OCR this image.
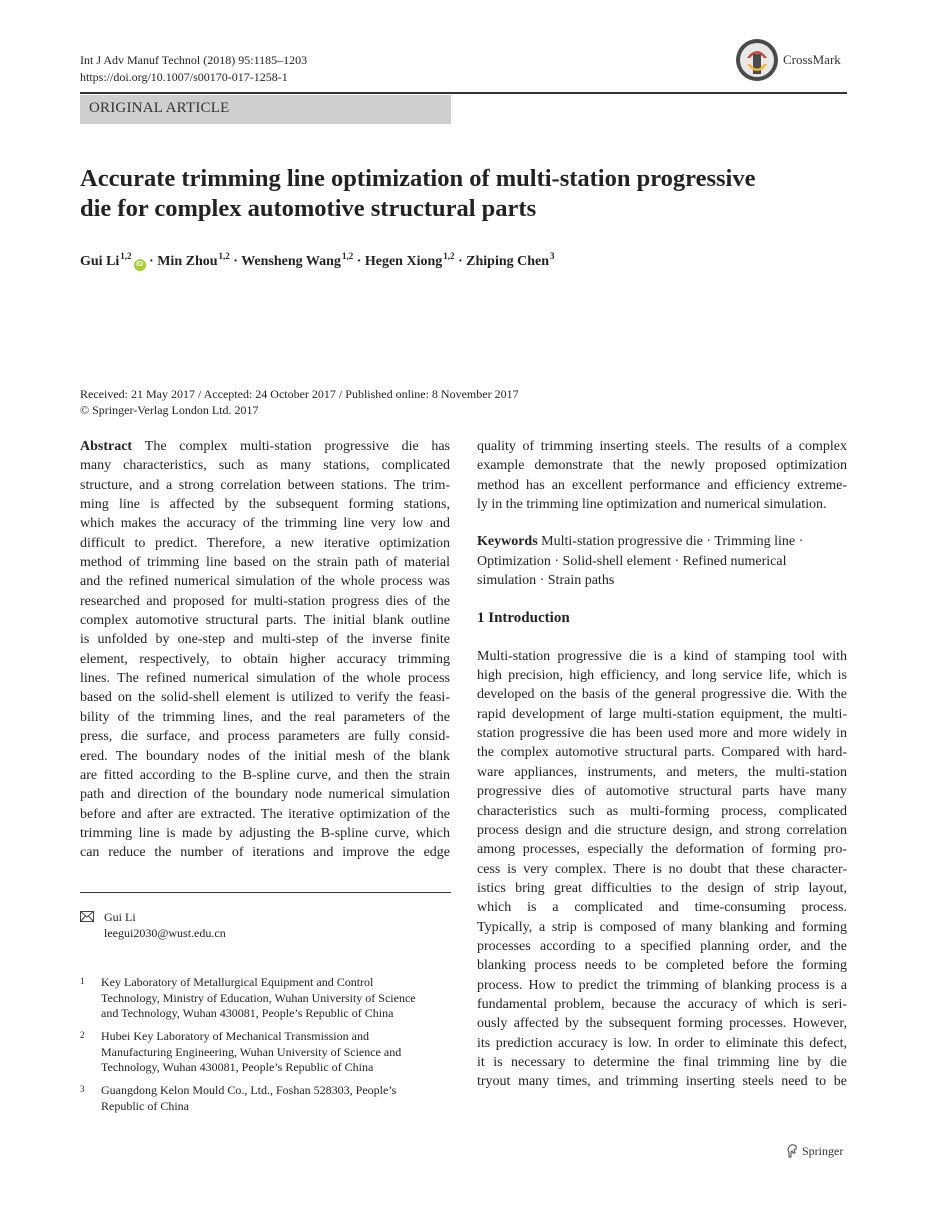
Int J Adv Manuf Technol (2018) 95:1185–1203
https://doi.org/10.1007/s00170-017-1258-1
CrossMark
ORIGINAL ARTICLE
Accurate trimming line optimization of multi-station progressive
die for complex automotive structural parts
Gui Li$^{1,2}$iD · Min Zhou$^{1,2}$ · Wensheng Wang$^{1,2}$ · Hegen Xiong$^{1,2}$ · Zhiping Chen$^3$
Received: 21 May 2017 / Accepted: 24 October 2017 / Published online: 8 November 2017
© Springer-Verlag London Ltd. 2017
Abstract The complex multi-station progressive die has
many characteristics, such as many stations, complicated
structure, and a strong correlation between stations. The trim-
ming line is affected by the subsequent forming stations,
which makes the accuracy of the trimming line very low and
difficult to predict. Therefore, a new iterative optimization
method of trimming line based on the strain path of material
and the refined numerical simulation of the whole process was
researched and proposed for multi-station progress dies of the
complex automotive structural parts. The initial blank outline
is unfolded by one-step and multi-step of the inverse finite
element, respectively, to obtain higher accuracy trimming
lines. The refined numerical simulation of the whole process
based on the solid-shell element is utilized to verify the feasi-
bility of the trimming lines, and the real parameters of the
press, die surface, and process parameters are fully consid-
ered. The boundary nodes of the initial mesh of the blank
are fitted according to the B-spline curve, and then the strain
path and direction of the boundary node numerical simulation
before and after are extracted. The iterative optimization of the
trimming line is made by adjusting the B-spline curve, which
can reduce the number of iterations and improve the edge
Gui Li
leegui2030@wust.edu.cn
1 Key Laboratory of Metallurgical Equipment and Control
Technology, Ministry of Education, Wuhan University of Science
and Technology, Wuhan 430081, People’s Republic of China
2 Hubei Key Laboratory of Mechanical Transmission and
Manufacturing Engineering, Wuhan University of Science and
Technology, Wuhan 430081, People’s Republic of China
3 Guangdong Kelon Mould Co., Ltd., Foshan 528303, People’s
Republic of China
quality of trimming inserting steels. The results of a complex
example demonstrate that the newly proposed optimization
method has an excellent performance and efficiency extreme-
ly in the trimming line optimization and numerical simulation.
Keywords Multi-station progressive die · Trimming line ·
Optimization · Solid-shell element · Refined numerical
simulation · Strain paths
1 Introduction
Multi-station progressive die is a kind of stamping tool with
high precision, high efficiency, and long service life, which is
developed on the basis of the general progressive die. With the
rapid development of large multi-station equipment, the multi-
station progressive die has been used more and more widely in
the complex automotive structural parts. Compared with hard-
ware appliances, instruments, and meters, the multi-station
progressive dies of automotive structural parts have many
characteristics such as multi-forming process, complicated
process design and die structure design, and strong correlation
among processes, especially the deformation of forming pro-
cess is very complex. There is no doubt that these character-
istics bring great difficulties to the design of strip layout,
which is a complicated and time-consuming process.
Typically, a strip is composed of many blanking and forming
processes according to a specified planning order, and the
blanking process needs to be completed before the forming
process. How to predict the trimming of blanking process is a
fundamental problem, because the accuracy of which is seri-
ously affected by the subsequent forming processes. However,
its prediction accuracy is low. In order to eliminate this defect,
it is necessary to determine the final trimming line by die
tryout many times, and trimming inserting steels need to be
Springer
